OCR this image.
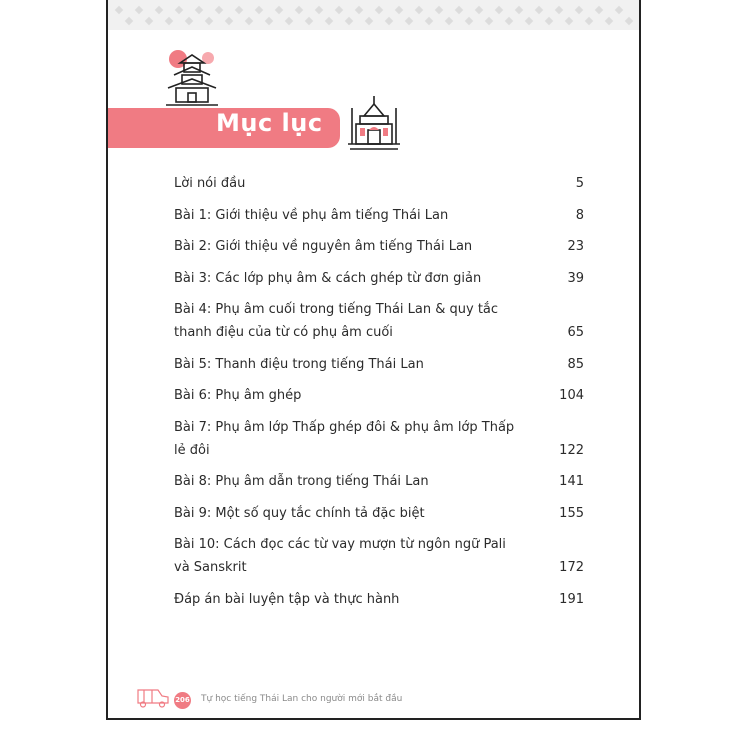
Mục lục
Lời nói đầu	5
Bài 1: Giới thiệu về phụ âm tiếng Thái Lan	8
Bài 2: Giới thiệu về nguyên âm tiếng Thái Lan	23
Bài 3: Các lớp phụ âm & cách ghép từ đơn giản	39
Bài 4: Phụ âm cuối trong tiếng Thái Lan & quy tắc thanh điệu của từ có phụ âm cuối	65
Bài 5: Thanh điệu trong tiếng Thái Lan	85
Bài 6: Phụ âm ghép	104
Bài 7: Phụ âm lớp Thấp ghép đôi & phụ âm lớp Thấp lẻ đôi	122
Bài 8: Phụ âm dẫn trong tiếng Thái Lan	141
Bài 9: Một số quy tắc chính tả đặc biệt	155
Bài 10: Cách đọc các từ vay mượn từ ngôn ngữ Pali và Sanskrit	172
Đáp án bài luyện tập và thực hành	191
206 Tự học tiếng Thái Lan cho người mới bắt đầu
